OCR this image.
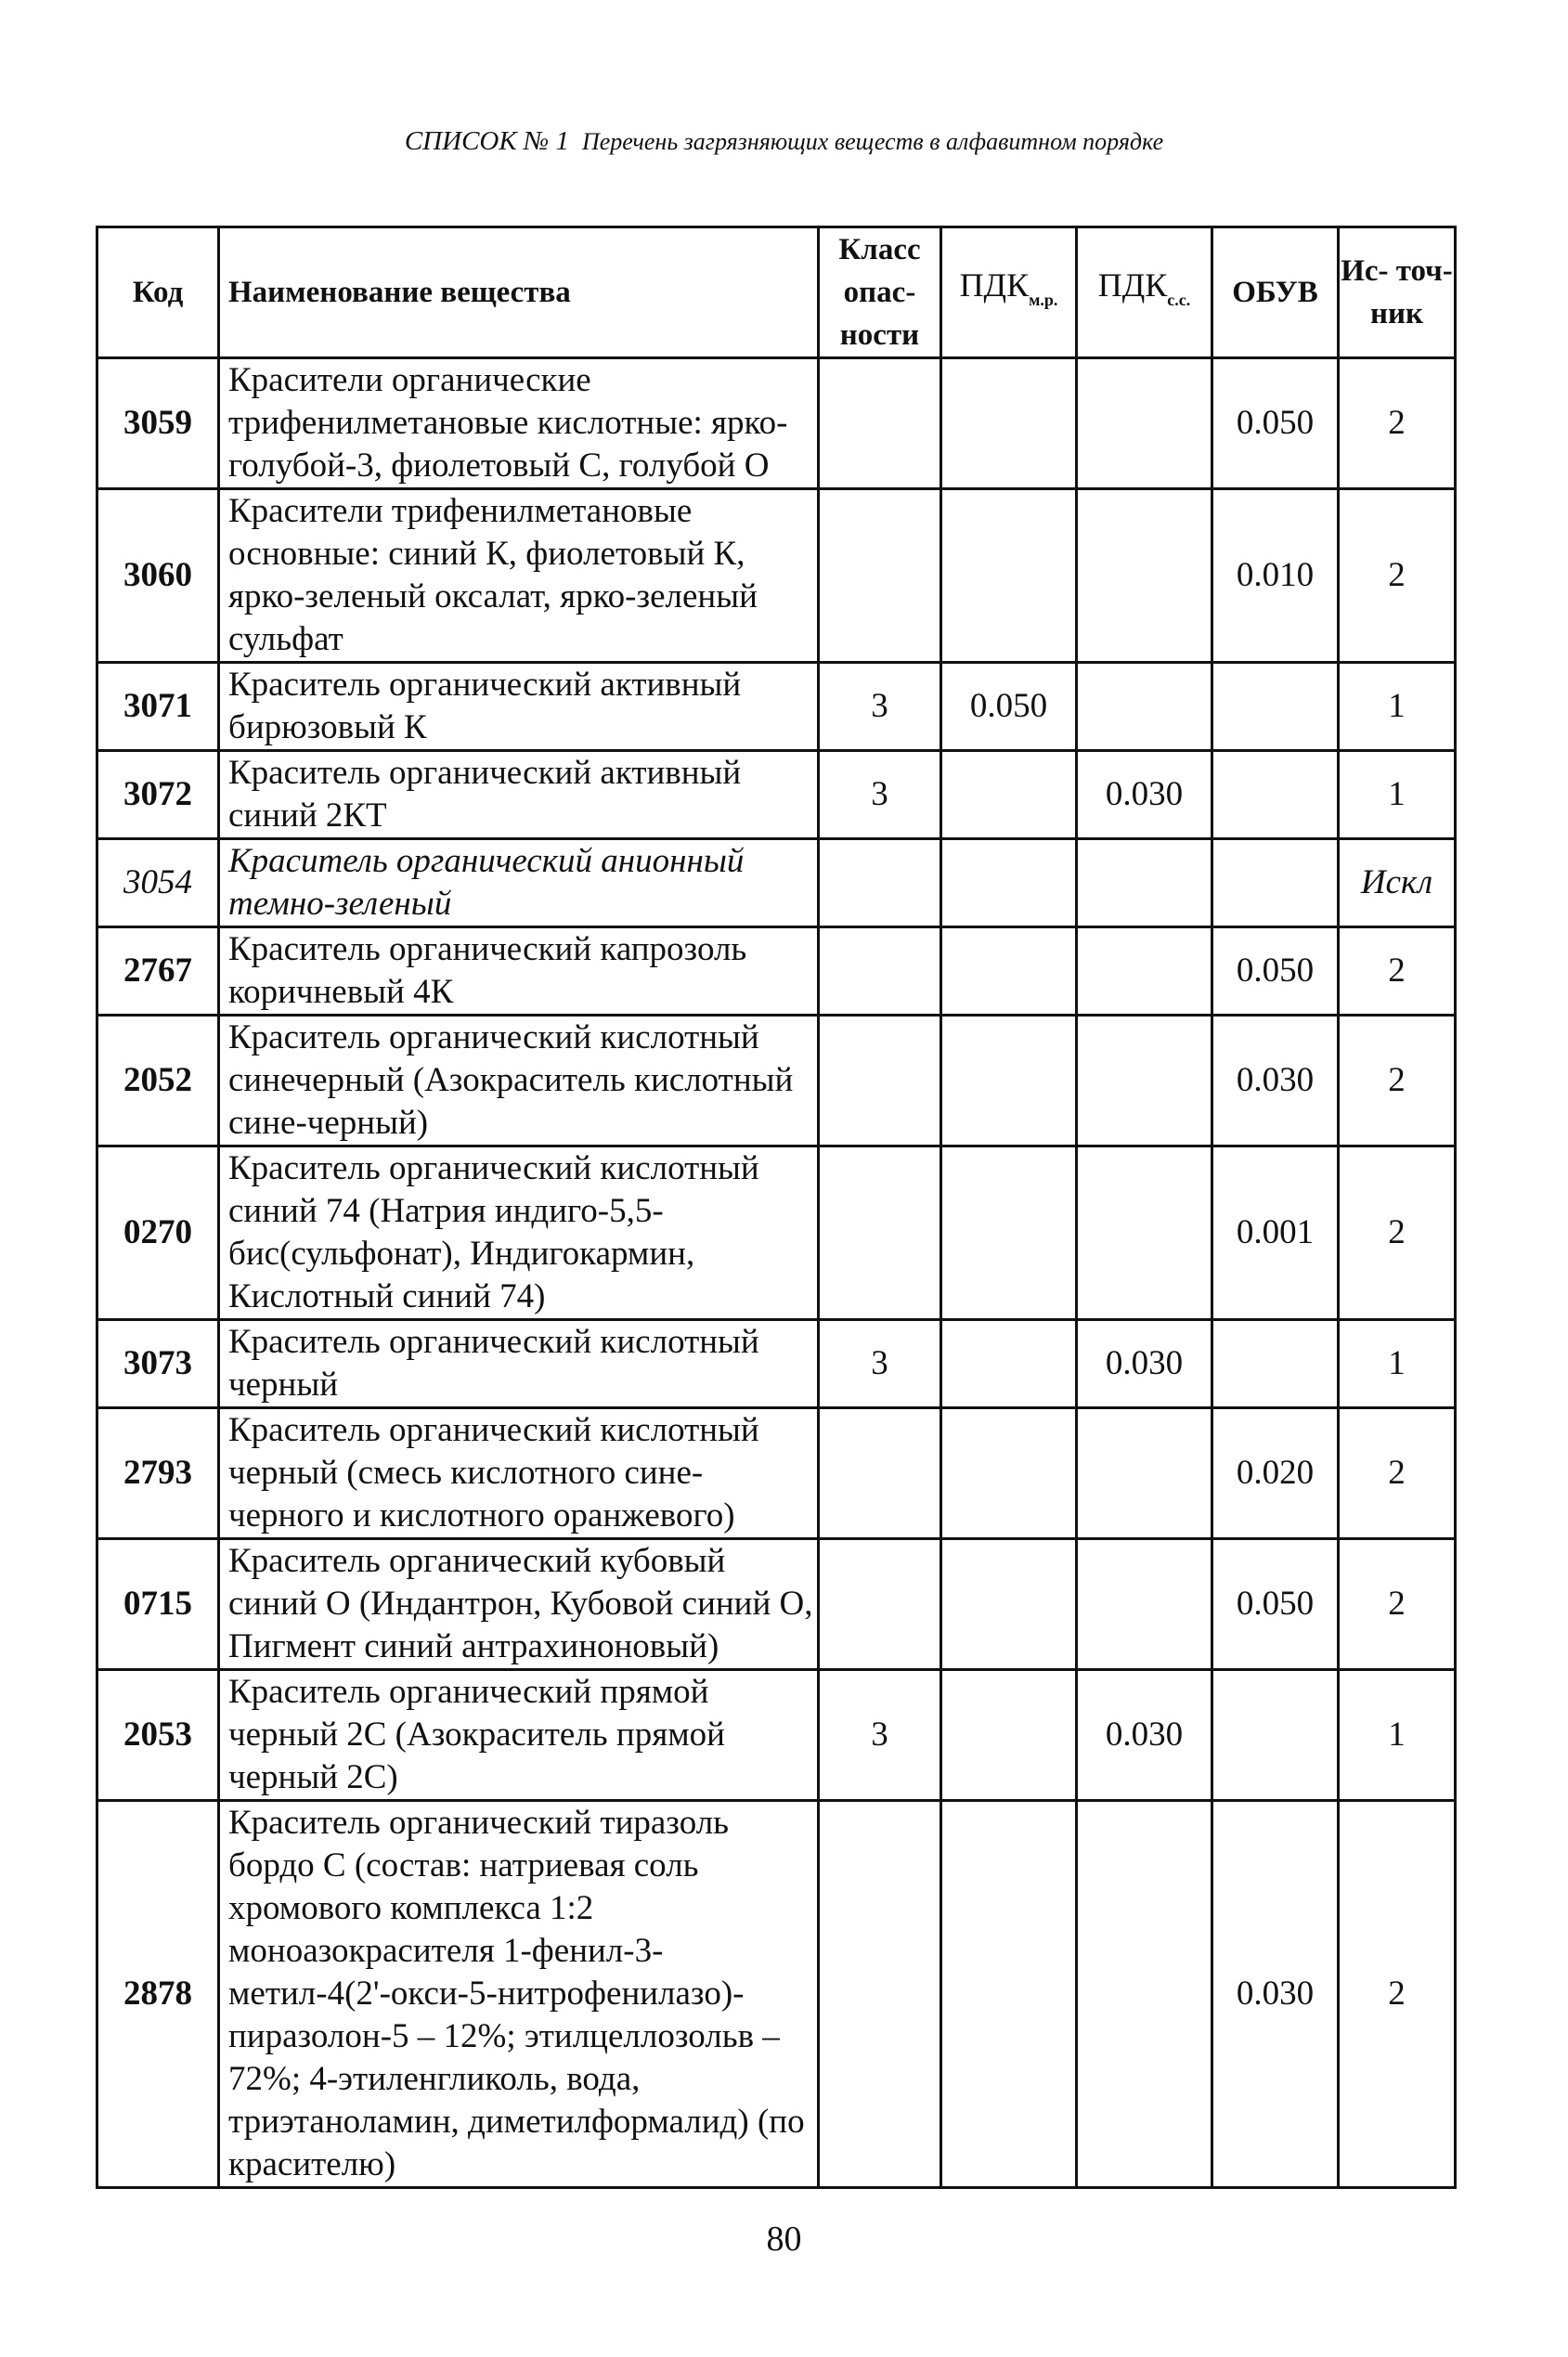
СПИСОК № 1 Перечень загрязняющих веществ в алфавитном порядке
Код	Наименование вещества	Класс опас- ности	$ПДК_{м.р.}$	$ПДК_{с.с.}$	ОБУВ	Ис- точ- ник
3059	Красители органические трифенилметановые кислотные: ярко-голубой-3, фиолетовый С, голубой О				0.050	2
3060	Красители трифенилметановые основные: синий К, фиолетовый К, ярко-зеленый оксалат, ярко-зеленый сульфат				0.010	2
3071	Краситель органический активный бирюзовый К	3	0.050			1
3072	Краситель органический активный синий 2КТ	3		0.030		1
3054	Краситель органический анионный темно-зеленый					Искл
2767	Краситель органический капрозоль коричневый 4К				0.050	2
2052	Краситель органический кислотный синечерный (Азокраситель кислотный сине-черный)				0.030	2
0270	Краситель органический кислотный синий 74 (Натрия индиго-5,5-бис(сульфонат), Индигокармин, Кислотный синий 74)				0.001	2
3073	Краситель органический кислотный черный	3		0.030		1
2793	Краситель органический кислотный черный (смесь кислотного сине-черного и кислотного оранжевого)				0.020	2
0715	Краситель органический кубовый синий О (Индантрон, Кубовой синий О, Пигмент синий антрахиноновый)				0.050	2
2053	Краситель органический прямой черный 2С (Азокраситель прямой черный 2С)	3		0.030		1
2878	Краситель органический тиразоль бордо С (состав: натриевая соль хромового комплекса 1:2 моноазокрасителя 1-фенил-3-метил-4(2'-окси-5-нитрофенилазо)-пиразолон-5 – 12%; этилцеллозольв – 72%; 4-этиленгликоль, вода, триэтаноламин, диметилформалид) (по красителю)				0.030	2
80
